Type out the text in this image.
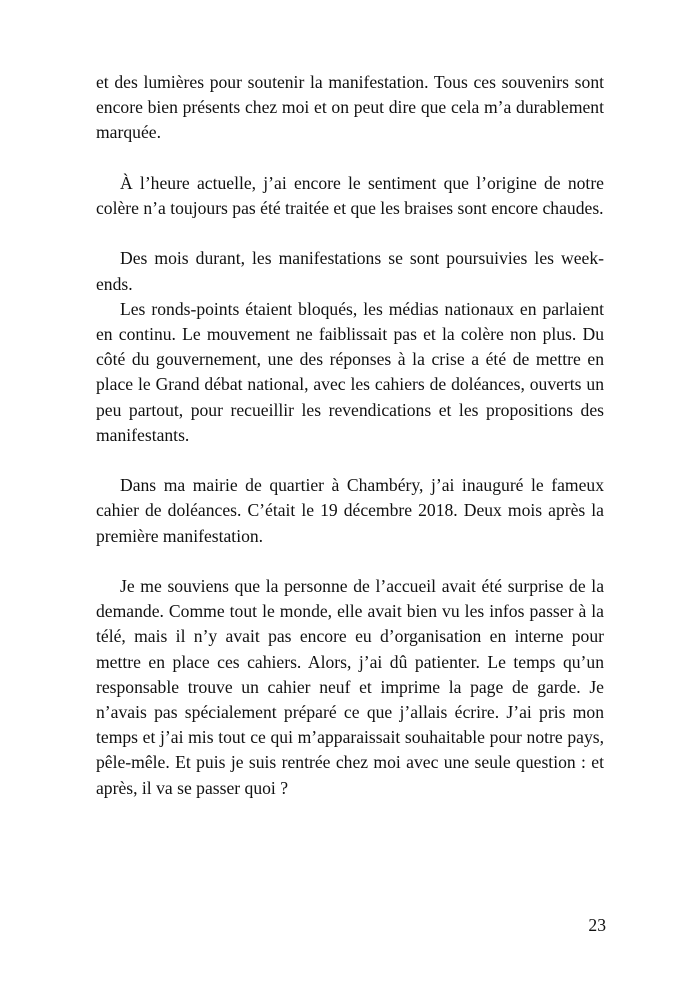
et des lumières pour soutenir la manifestation. Tous ces souvenirs sont encore bien présents chez moi et on peut dire que cela m’a durablement marquée.

À l’heure actuelle, j’ai encore le sentiment que l’origine de notre colère n’a toujours pas été traitée et que les braises sont encore chaudes.

Des mois durant, les manifestations se sont poursuivies les week-ends.

Les ronds-points étaient bloqués, les médias nationaux en parlaient en continu. Le mouvement ne faiblissait pas et la colère non plus. Du côté du gouvernement, une des réponses à la crise a été de mettre en place le Grand débat national, avec les cahiers de doléances, ouverts un peu partout, pour recueillir les revendications et les propositions des manifestants.

Dans ma mairie de quartier à Chambéry, j’ai inauguré le fameux cahier de doléances. C’était le 19 décembre 2018. Deux mois après la première manifestation.

Je me souviens que la personne de l’accueil avait été surprise de la demande. Comme tout le monde, elle avait bien vu les infos passer à la télé, mais il n’y avait pas encore eu d’organisation en interne pour mettre en place ces cahiers. Alors, j’ai dû patienter. Le temps qu’un responsable trouve un cahier neuf et imprime la page de garde. Je n’avais pas spécialement préparé ce que j’allais écrire. J’ai pris mon temps et j’ai mis tout ce qui m’apparaissait souhaitable pour notre pays, pêle-mêle. Et puis je suis rentrée chez moi avec une seule question : et après, il va se passer quoi ?

23
